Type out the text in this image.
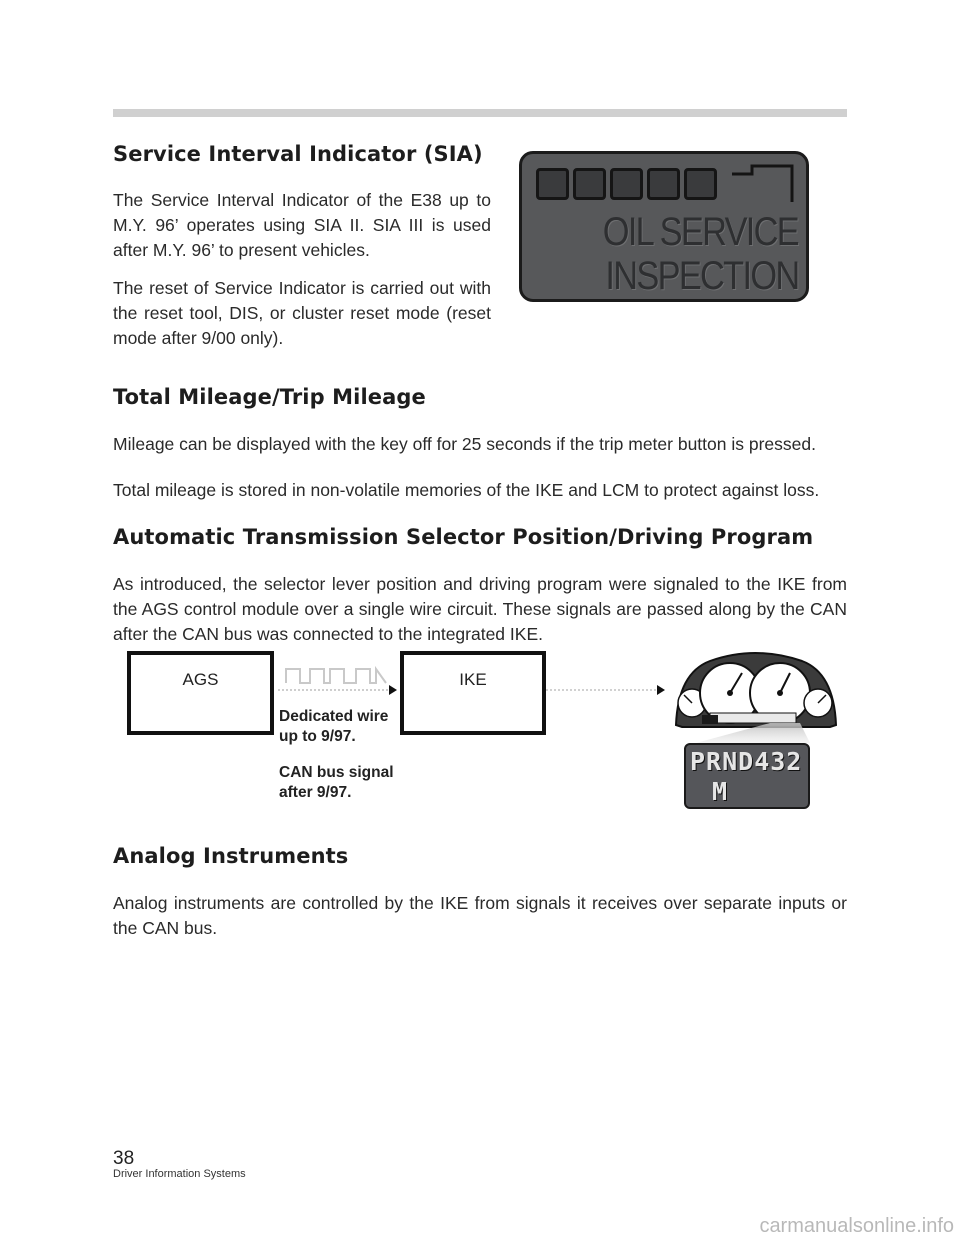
Service Interval Indicator (SIA)

The Service Interval Indicator of the E38 up to M.Y. 96’ operates using SIA II. SIA III is used after M.Y. 96’ to present vehicles.

The reset of Service Indicator is carried out with the reset tool, DIS, or cluster reset mode (reset mode after 9/00 only).

OIL SERVICE
INSPECTION
Total Mileage/Trip Mileage

Mileage can be displayed with the key off for 25 seconds if the trip meter button is pressed.

Total mileage is stored in non-volatile memories of the IKE and LCM to protect against loss.

Automatic Transmission Selector Position/Driving Program

As introduced, the selector lever position and driving program were signaled to the IKE from the AGS control module over a single wire circuit. These signals are passed along by the CAN after the CAN bus was connected to the integrated IKE.

AGS	IKE
Dedicated wire
up to 9/97.
CAN bus signal
after 9/97.
PRND432
M
Analog Instruments

Analog instruments are controlled by the IKE from signals it receives over separate inputs or the CAN bus.

38
Driver Information Systems
carmanualsonline.info
